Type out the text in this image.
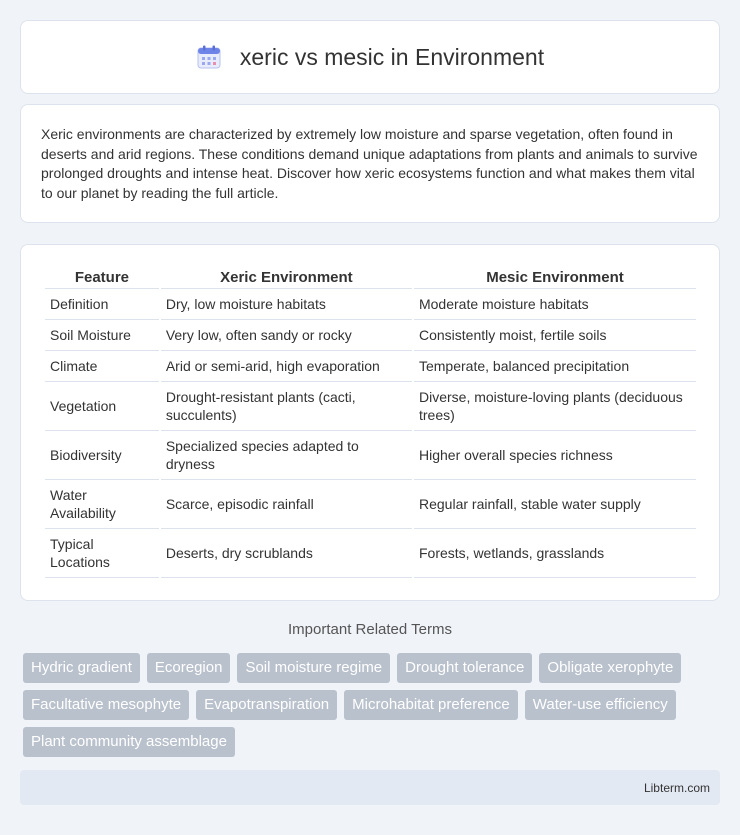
xeric vs mesic in Environment

Xeric environments are characterized by extremely low moisture and sparse vegetation, often found in deserts and arid regions. These conditions demand unique adaptations from plants and animals to survive prolonged droughts and intense heat. Discover how xeric ecosystems function and what makes them vital to our planet by reading the full article.

Feature	Xeric Environment	Mesic Environment
Definition	Dry, low moisture habitats	Moderate moisture habitats
Soil Moisture	Very low, often sandy or rocky	Consistently moist, fertile soils
Climate	Arid or semi-arid, high evaporation	Temperate, balanced precipitation
Vegetation	Drought-resistant plants (cacti, succulents)	Diverse, moisture-loving plants (deciduous trees)
Biodiversity	Specialized species adapted to dryness	Higher overall species richness
Water Availability	Scarce, episodic rainfall	Regular rainfall, stable water supply
Typical Locations	Deserts, dry scrublands	Forests, wetlands, grasslands
Important Related Terms
Hydric gradient	Ecoregion	Soil moisture regime	Drought tolerance	Obligate xerophyte
Facultative mesophyte	Evapotranspiration	Microhabitat preference	Water-use efficiency
Plant community assemblage
Libterm.com
